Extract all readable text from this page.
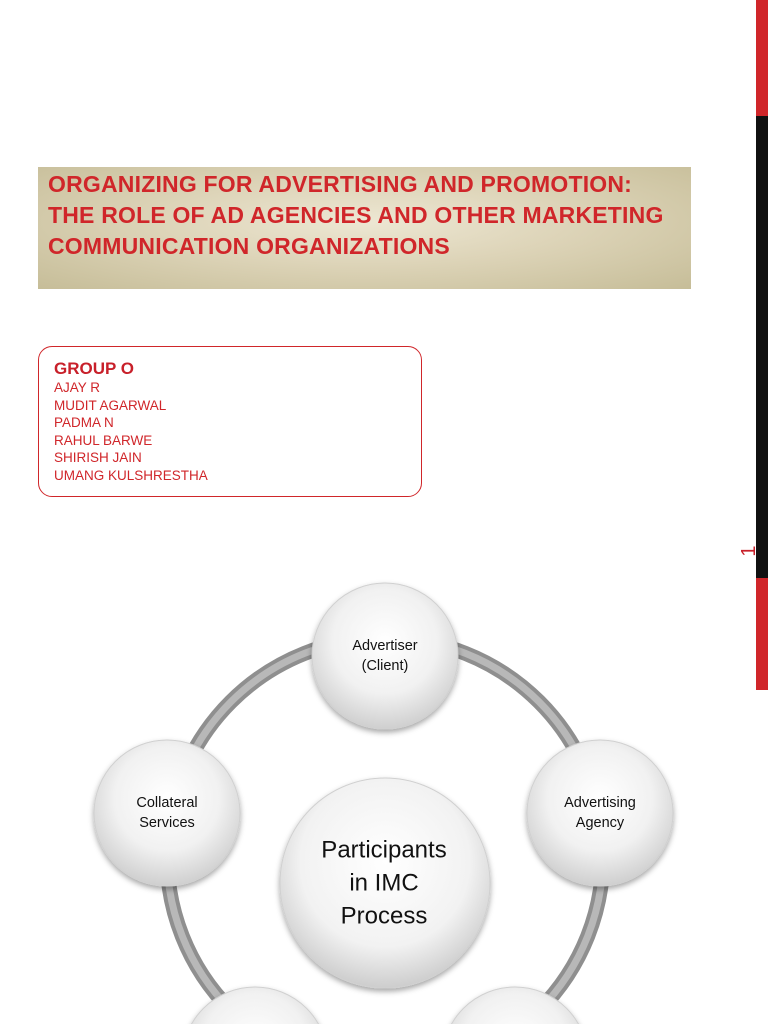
1

ORGANIZING FOR ADVERTISING AND PROMOTION: THE ROLE OF AD AGENCIES AND OTHER MARKETING COMMUNICATION ORGANIZATIONS

GROUP O

AJAY R
MUDIT AGARWAL
PADMA N
RAHUL BARWE
SHIRISH JAIN
UMANG KULSHRESTHA
Advertiser
(Client)
Advertising
Agency
Collateral
Services
Participants
in IMC
Process
